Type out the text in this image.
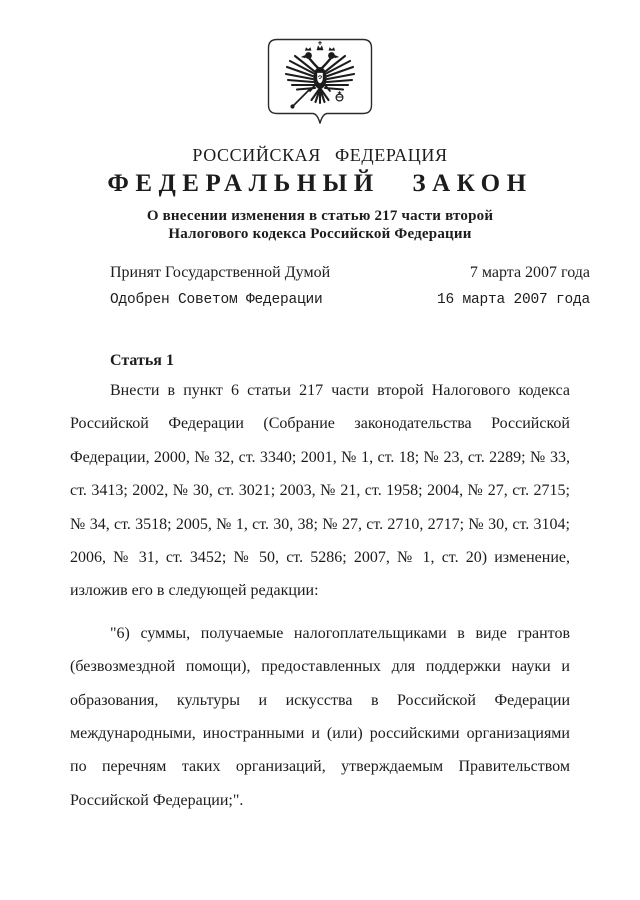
РОССИЙСКАЯ ФЕДЕРАЦИЯ
ФЕДЕРАЛЬНЫЙ ЗАКОН
О внесении изменения в статью 217 части второй
Налогового кодекса Российской Федерации
Принят Государственной Думой	7 марта 2007 года
Одобрен Советом Федерации	16 марта 2007 года
Статья 1

Внести в пункт 6 статьи 217 части второй Налогового кодекса Российской Федерации (Собрание законодательства Российской Федерации, 2000, № 32, ст. 3340; 2001, № 1, ст. 18; № 23, ст. 2289; № 33, ст. 3413; 2002, № 30, ст. 3021; 2003, № 21, ст. 1958; 2004, № 27, ст. 2715; № 34, ст. 3518; 2005, № 1, ст. 30, 38; № 27, ст. 2710, 2717; № 30, ст. 3104; 2006, № 31, ст. 3452; № 50, ст. 5286; 2007, № 1, ст. 20) изменение, изложив его в следующей редакции:

"6) суммы, получаемые налогоплательщиками в виде грантов (безвозмездной помощи), предоставленных для поддержки науки и образования, культуры и искусства в Российской Федерации международными, иностранными и (или) российскими организациями по перечням таких организаций, утверждаемым Правительством Российской Федерации;".
